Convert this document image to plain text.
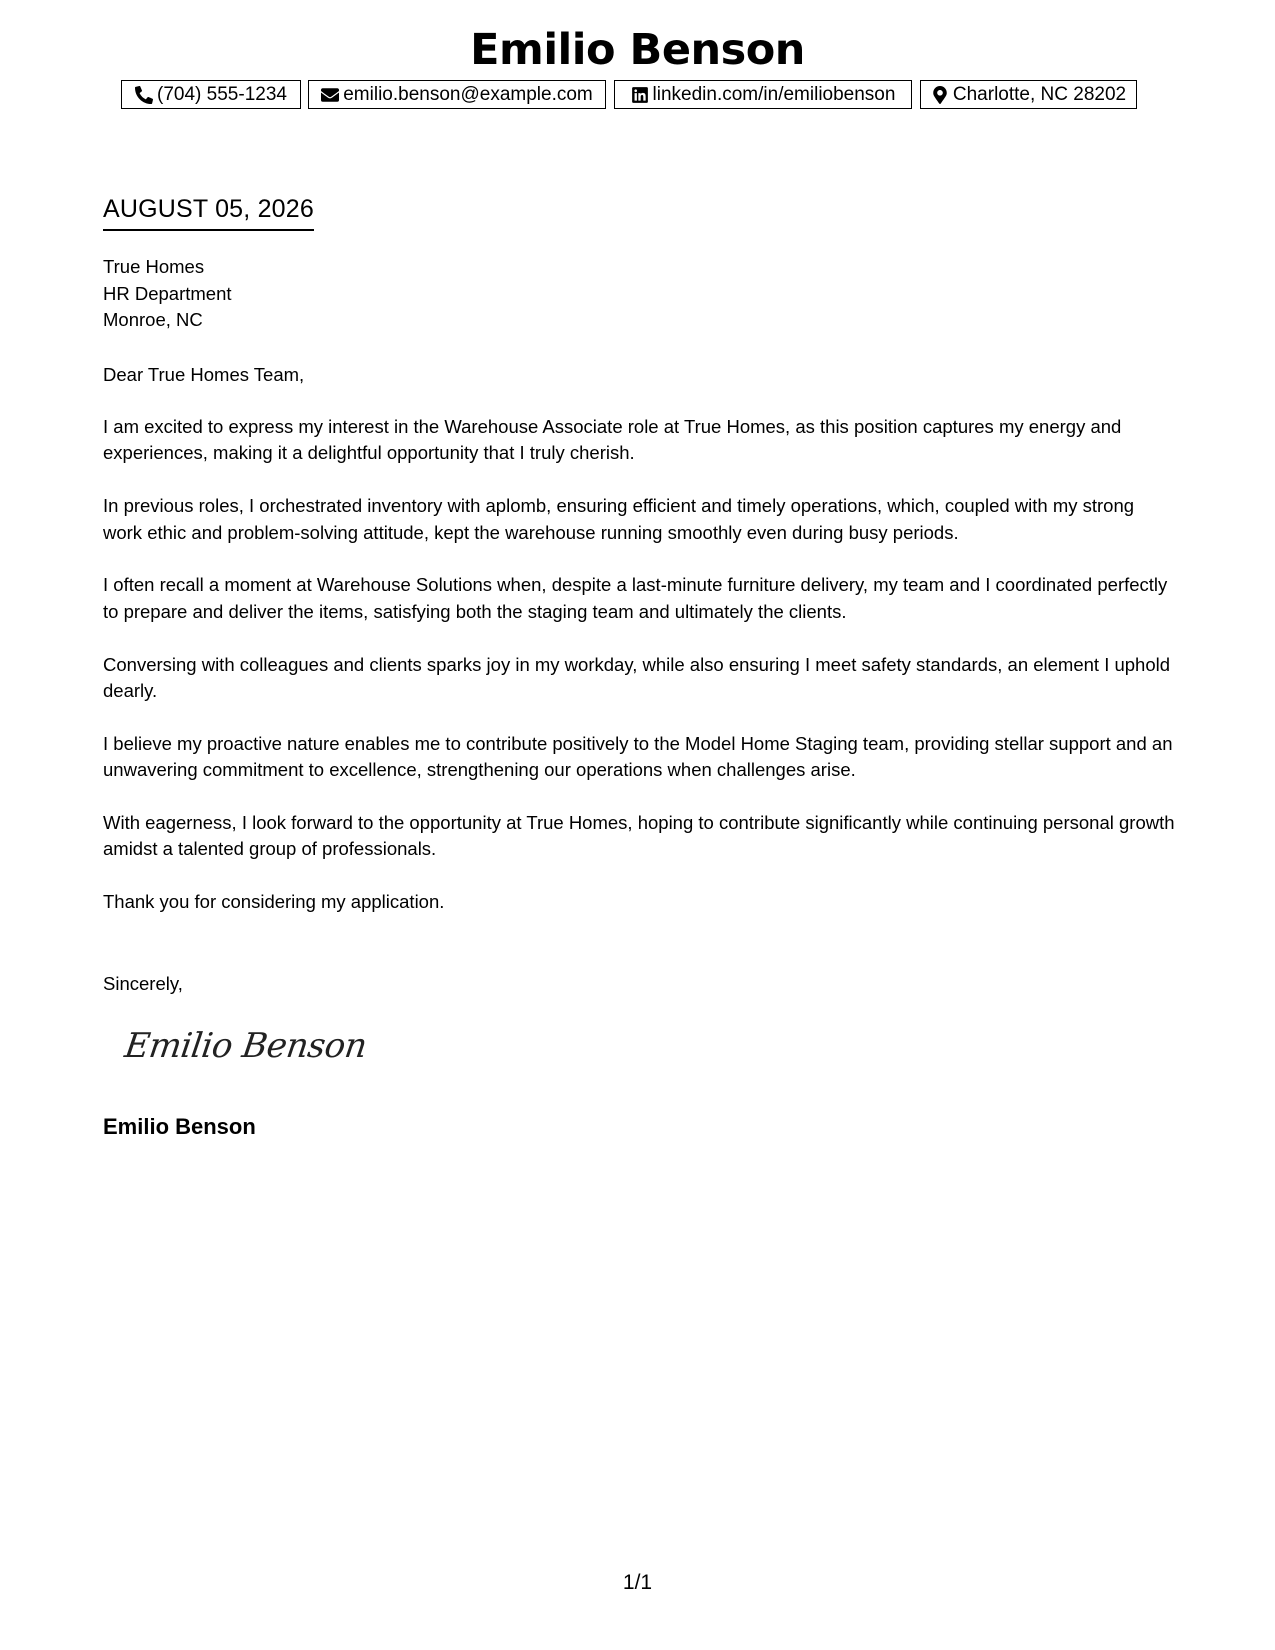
Emilio Benson
(704) 555-1234	emilio.benson@example.com	linkedin.com/in/emiliobenson	Charlotte, NC 28202
AUGUST 05, 2026
True Homes
HR Department
Monroe, NC
Dear True Homes Team,

I am excited to express my interest in the Warehouse Associate role at True Homes, as this position captures my energy and experiences, making it a delightful opportunity that I truly cherish.

In previous roles, I orchestrated inventory with aplomb, ensuring efficient and timely operations, which, coupled with my strong work ethic and problem-solving attitude, kept the warehouse running smoothly even during busy periods.

I often recall a moment at Warehouse Solutions when, despite a last-minute furniture delivery, my team and I coordinated perfectly to prepare and deliver the items, satisfying both the staging team and ultimately the clients.

Conversing with colleagues and clients sparks joy in my workday, while also ensuring I meet safety standards, an element I uphold dearly.

I believe my proactive nature enables me to contribute positively to the Model Home Staging team, providing stellar support and an unwavering commitment to excellence, strengthening our operations when challenges arise.

With eagerness, I look forward to the opportunity at True Homes, hoping to contribute significantly while continuing personal growth amidst a talented group of professionals.

Thank you for considering my application.

Sincerely,
Emilio Benson
Emilio Benson
1/1
